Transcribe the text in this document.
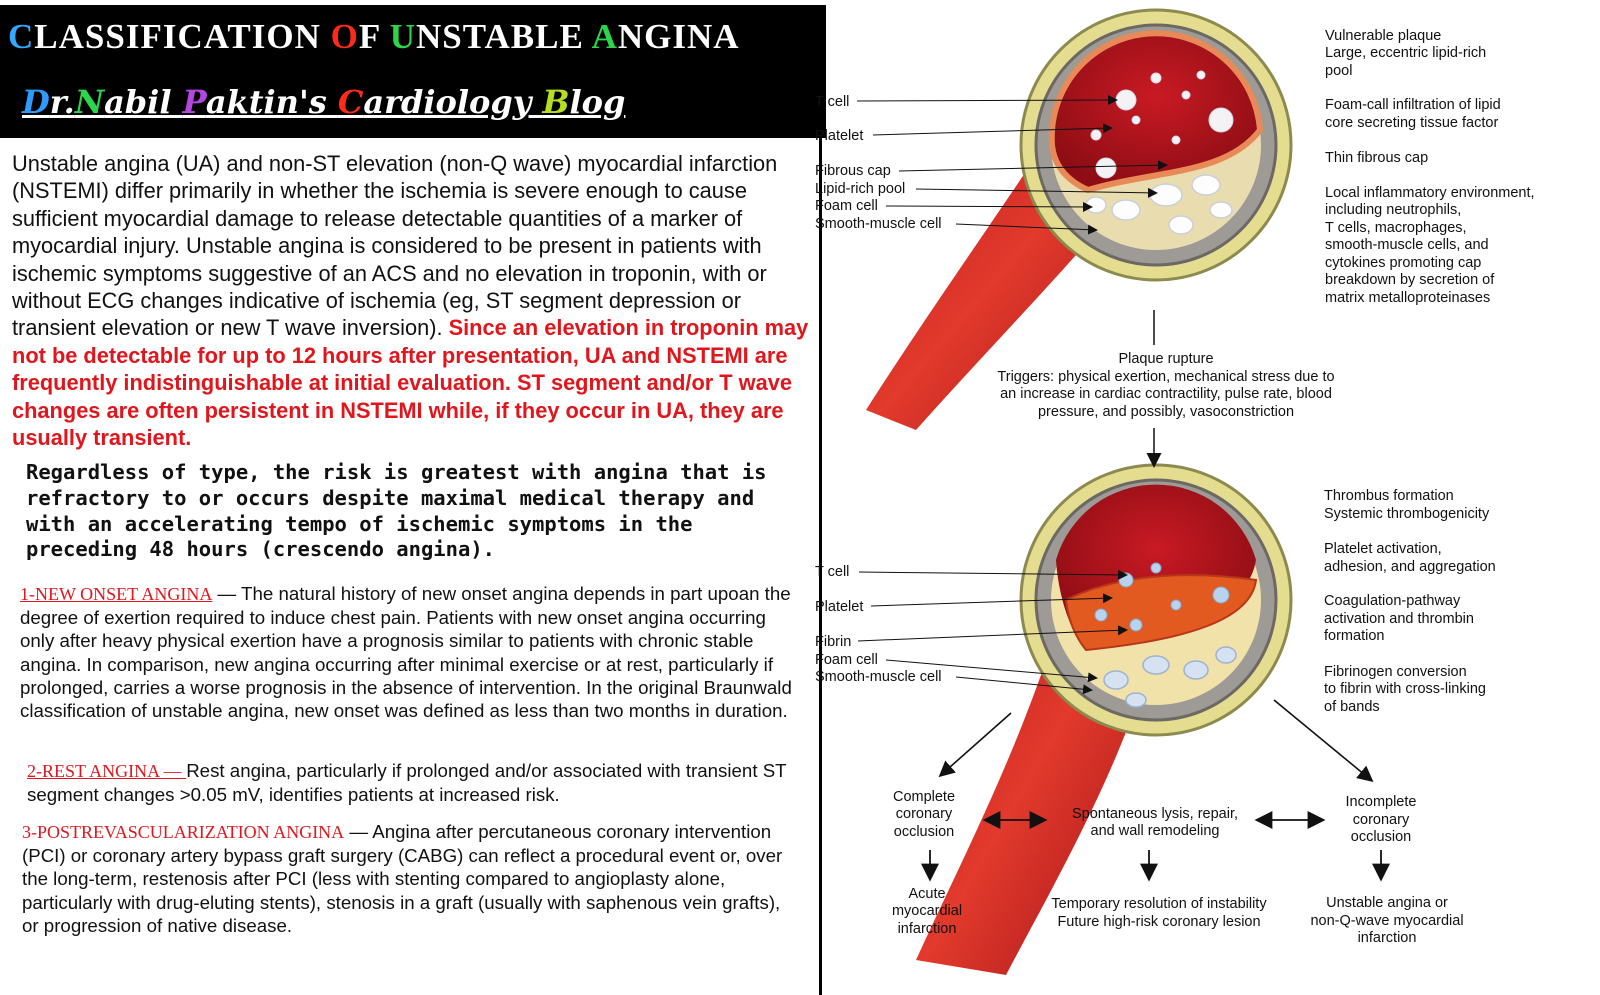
CLASSIFICATION OF UNSTABLE ANGINA
Dr.Nabil Paktin's Cardiology Blog

Unstable angina (UA) and non-ST elevation (non-Q wave) myocardial infarction (NSTEMI) differ primarily in whether the ischemia is severe enough to cause sufficient myocardial damage to release detectable quantities of a marker of myocardial injury. Unstable angina is considered to be present in patients with ischemic symptoms suggestive of an ACS and no elevation in troponin, with or without ECG changes indicative of ischemia (eg, ST segment depression or transient elevation or new T wave inversion). Since an elevation in troponin may not be detectable for up to 12 hours after presentation, UA and NSTEMI are frequently indistinguishable at initial evaluation. ST segment and/or T wave changes are often persistent in NSTEMI while, if they occur in UA, they are usually transient.

Regardless of type, the risk is greatest with angina that is refractory to or occurs despite maximal medical therapy and with an accelerating tempo of ischemic symptoms in the preceding 48 hours (crescendo angina).

1-NEW ONSET ANGINA — The natural history of new onset angina depends in part upoan the degree of exertion required to induce chest pain. Patients with new onset angina occurring only after heavy physical exertion have a prognosis similar to patients with chronic stable angina. In comparison, new angina occurring after minimal exercise or at rest, particularly if prolonged, carries a worse prognosis in the absence of intervention. In the original Braunwald classification of unstable angina, new onset was defined as less than two months in duration.

2-REST ANGINA — Rest angina, particularly if prolonged and/or associated with transient ST segment changes >0.05 mV, identifies patients at increased risk.

3-POSTREVASCULARIZATION ANGINA — Angina after percutaneous coronary intervention (PCI) or coronary artery bypass graft surgery (CABG) can reflect a procedural event or, over the long-term, restenosis after PCI (less with stenting compared to angioplasty alone, particularly with drug-eluting stents), stenosis in a graft (usually with saphenous vein grafts), or progression of native disease.

T cell
Platelet
Fibrous cap
Lipid-rich pool
Foam cell
Smooth-muscle cell
Vulnerable plaque
Large, eccentric lipid-rich
pool
Foam-call infiltration of lipid
core secreting tissue factor
Thin fibrous cap
Local inflammatory environment,
including neutrophils,
T cells, macrophages,
smooth-muscle cells, and
cytokines promoting cap
breakdown by secretion of
matrix metalloproteinases
Plaque rupture
Triggers: physical exertion, mechanical stress due to
an increase in cardiac contractility, pulse rate, blood
pressure, and possibly, vasoconstriction
T cell
Platelet
Fibrin
Foam cell
Smooth-muscle cell
Thrombus formation
Systemic thrombogenicity
Platelet activation,
adhesion, and aggregation
Coagulation-pathway
activation and thrombin
formation
Fibrinogen conversion
to fibrin with cross-linking
of bands
Complete
coronary
occlusion
Spontaneous lysis, repair,
and wall remodeling
Incomplete
coronary
occlusion
Acute
myocardial
infarction
Temporary resolution of instability
Future high-risk coronary lesion
Unstable angina or
non-Q-wave myocardial
infarction
